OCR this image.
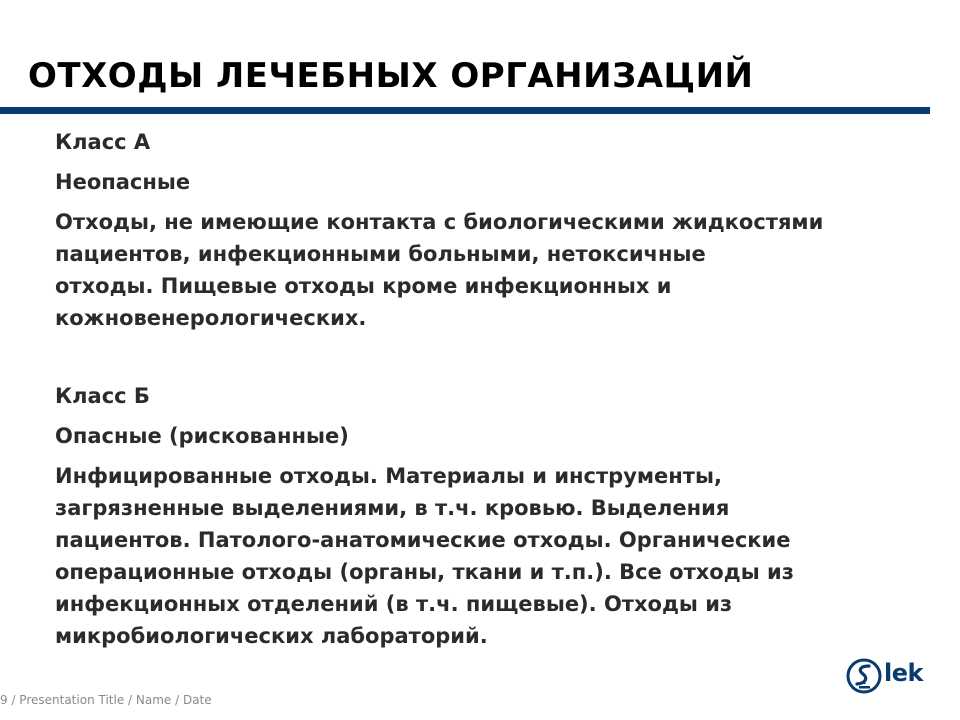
ОТХОДЫ ЛЕЧЕБНЫХ ОРГАНИЗАЦИЙ

Класс А

Неопасные

Отходы, не имеющие контакта с биологическими жидкостями

пациентов, инфекционными больными, нетоксичные

отходы. Пищевые отходы кроме инфекционных и

кожновенерологических.

Класс Б

Опасные (рискованные)

Инфицированные отходы. Материалы и инструменты,

загрязненные выделениями, в т.ч. кровью. Выделения

пациентов. Патолого-анатомические отходы. Органические

операционные отходы (органы, ткани и т.п.). Все отходы из

инфекционных отделений (в т.ч. пищевые). Отходы из

микробиологических лабораторий.

9 / Presentation Title / Name / Date
lek
